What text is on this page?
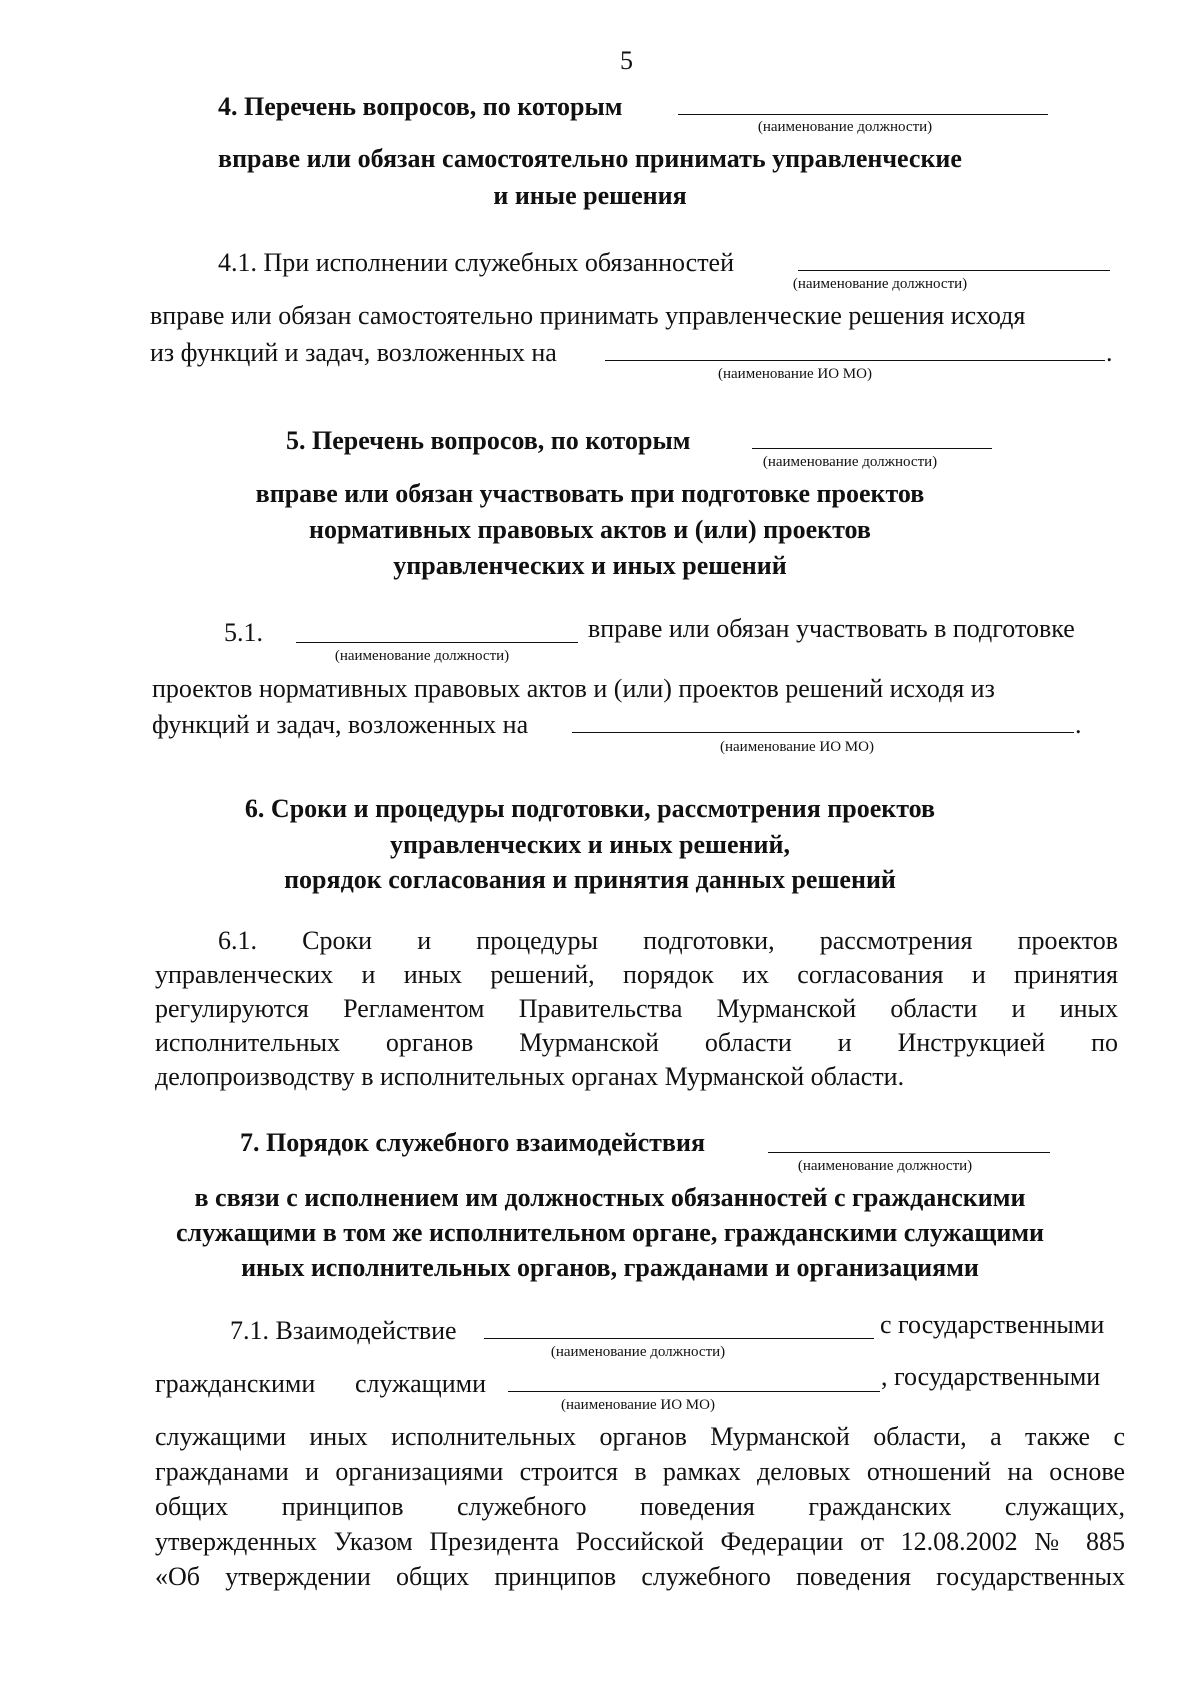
5
4. Перечень вопросов, по которым
(наименование должности)
вправе или обязан самостоятельно принимать управленческие
и иные решения
4.1. При исполнении служебных обязанностей
(наименование должности)
вправе или обязан самостоятельно принимать управленческие решения исходя
из функций и задач, возложенных на	.
(наименование ИО МО)
5. Перечень вопросов, по которым
(наименование должности)
вправе или обязан участвовать при подготовке проектов
нормативных правовых актов и (или) проектов
управленческих и иных решений
5.1.
(наименование должности)
вправе или обязан участвовать в подготовке
проектов нормативных правовых актов и (или) проектов решений исходя из
функций и задач, возложенных на	.
(наименование ИО МО)
6. Сроки и процедуры подготовки, рассмотрения проектов
управленческих и иных решений,
порядок согласования и принятия данных решений
6.1. Сроки и процедуры подготовки, рассмотрения проектов
управленческих и иных решений, порядок их согласования и принятия
регулируются Регламентом Правительства Мурманской области и иных
исполнительных органов Мурманской области и Инструкцией по
делопроизводству в исполнительных органах Мурманской области.
7. Порядок служебного взаимодействия
(наименование должности)
в связи с исполнением им должностных обязанностей с гражданскими
служащими в том же исполнительном органе, гражданскими служащими
иных исполнительных органов, гражданами и организациями
7.1. Взаимодействие
(наименование должности)
с государственными
гражданскими служащими
(наименование ИО МО)
, государственными
служащими иных исполнительных органов Мурманской области, а также с
гражданами и организациями строится в рамках деловых отношений на основе
общих принципов служебного поведения гражданских служащих,
утвержденных Указом Президента Российской Федерации от 12.08.2002 № 885
«Об утверждении общих принципов служебного поведения государственных
